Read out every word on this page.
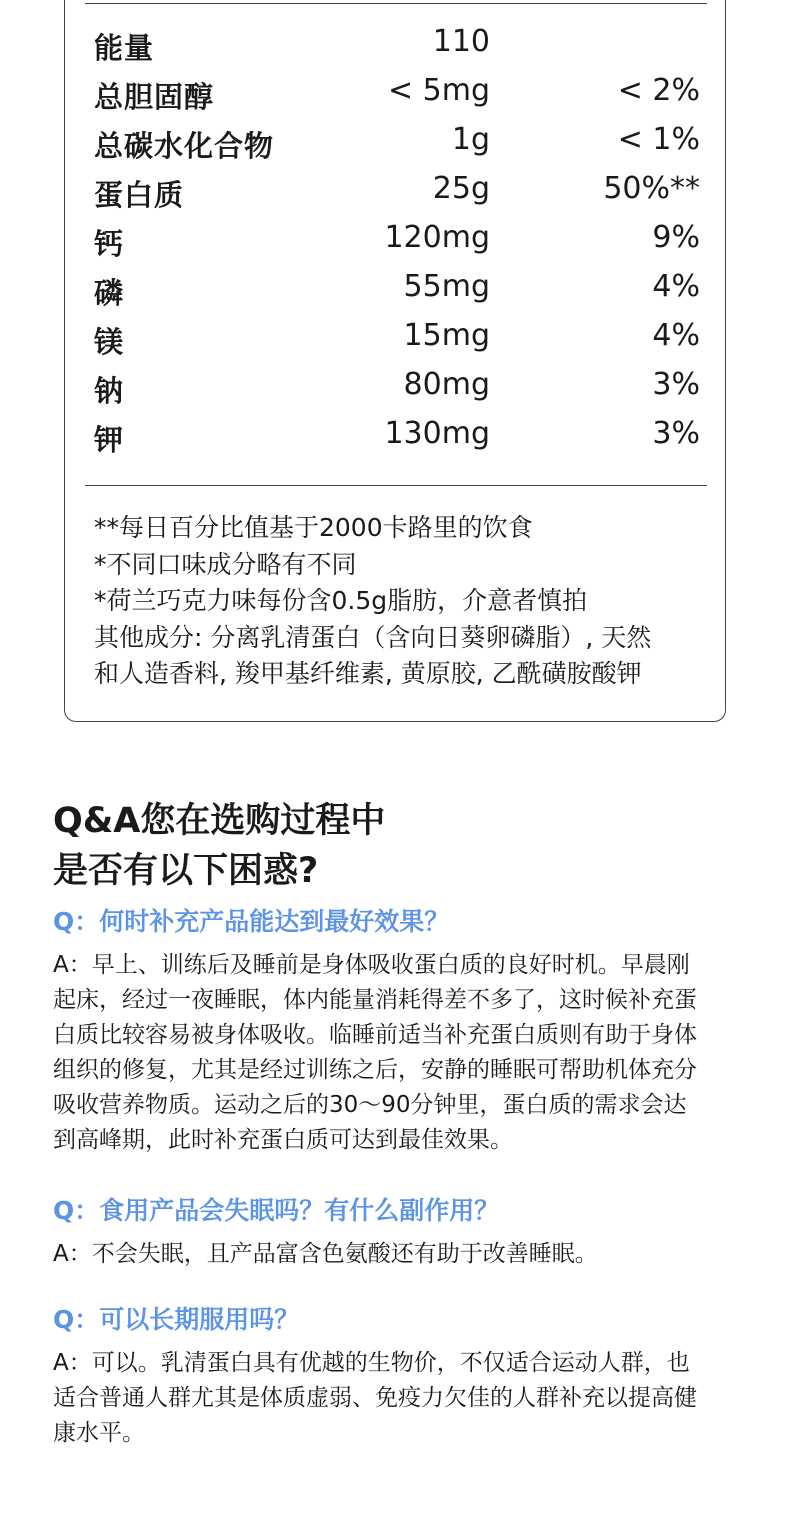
能量	110
总胆固醇	< 5mg	< 2%
总碳水化合物	1g	< 1%
蛋白质	25g	50%**
钙	120mg	9%
磷	55mg	4%
镁	15mg	4%
钠	80mg	3%
钾	130mg	3%
**每日百分比值基于2000卡路里的饮食
*不同口味成分略有不同
*荷兰巧克力味每份含0.5g脂肪，介意者慎拍
其他成分: 分离乳清蛋白（含向日葵卵磷脂）, 天然
和人造香料, 羧甲基纤维素, 黄原胶, 乙酰磺胺酸钾
Q&A您在选购过程中
是否有以下困惑?
Q：何时补充产品能达到最好效果？
A：早上、训练后及睡前是身体吸收蛋白质的良好时机。早晨刚
起床，经过一夜睡眠，体内能量消耗得差不多了，这时候补充蛋
白质比较容易被身体吸收。临睡前适当补充蛋白质则有助于身体
组织的修复，尤其是经过训练之后，安静的睡眠可帮助机体充分
吸收营养物质。运动之后的30～90分钟里，蛋白质的需求会达
到高峰期，此时补充蛋白质可达到最佳效果。
Q：食用产品会失眠吗？有什么副作用？
A：不会失眠，且产品富含色氨酸还有助于改善睡眠。
Q：可以长期服用吗？
A：可以。乳清蛋白具有优越的生物价，不仅适合运动人群，也
适合普通人群尤其是体质虚弱、免疫力欠佳的人群补充以提高健
康水平。
